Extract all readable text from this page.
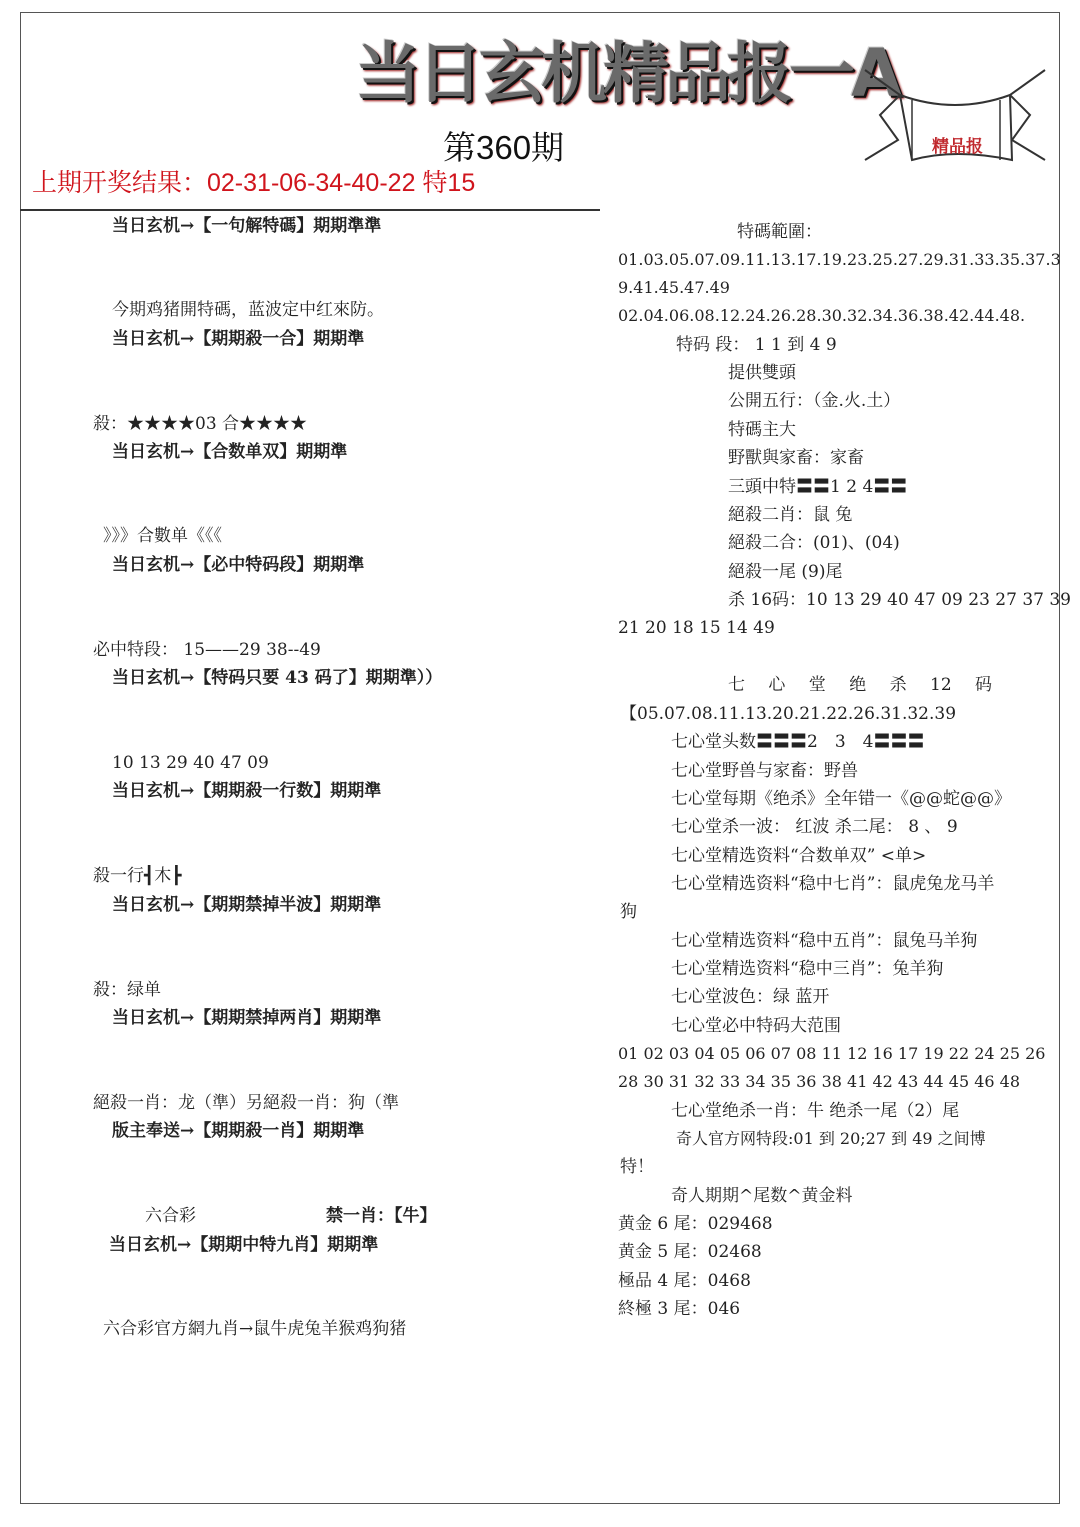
当日玄机精品报一A
精品报
第360期
上期开奖结果：02-31-06-34-40-22 特15
当日玄机→【一句解特碼】期期準準
今期鸡猪開特碼，蓝波定中红來防。
当日玄机→【期期殺一合】期期準
殺：★★★★03 合★★★★
当日玄机→【合数单双】期期準
》》》合數单《《《
当日玄机→【必中特码段】期期準
必中特段： 15——29 38--49
当日玄机→【特码只要 43 码了】期期準））
10 13 29 40 47 09
当日玄机→【期期殺一行数】期期準
殺一行┫木┣
当日玄机→【期期禁掉半波】期期準
殺：绿单
当日玄机→【期期禁掉两肖】期期準
絕殺一肖：龙（準）另絕殺一肖：狗（準
版主奉送→【期期殺一肖】期期準
六合彩	禁一肖：【牛】
当日玄机→【期期中特九肖】期期準
六合彩官方網九肖→鼠牛虎兔羊猴鸡狗猪
特碼範圍：
01.03.05.07.09.11.13.17.19.23.25.27.29.31.33.35.37.3
9.41.45.47.49
02.04.06.08.12.24.26.28.30.32.34.36.38.42.44.48.
特码 段： 1 1 到 4 9
提供雙頭
公開五行：（金.火.土）
特碼主大
野獸與家畜：家畜
三頭中特〓〓1 2 4〓〓
絕殺二肖：鼠 兔
絕殺二合：(01)、(04)
絕殺一尾 (9)尾
杀 16码：10 13 29 40 47 09 23 27 37 39
21 20 18 15 14 49
七 心 堂 绝 杀 12 码
【05.07.08.11.13.20.21.22.26.31.32.39
七心堂头数〓〓〓2　3　4〓〓〓
七心堂野兽与家畜：野兽
七心堂每期《绝杀》全年错一《@@蛇@@》
七心堂杀一波： 红波 杀二尾： 8 、 9
七心堂精选资料“合数单双” <单>
七心堂精选资料“稳中七肖”：鼠虎兔龙马羊
狗
七心堂精选资料“稳中五肖”：鼠兔马羊狗
七心堂精选资料“稳中三肖”：兔羊狗
七心堂波色：绿 蓝开
七心堂必中特码大范围
01 02 03 04 05 06 07 08 11 12 16 17 19 22 24 25 26
28 30 31 32 33 34 35 36 38 41 42 43 44 45 46 48
七心堂绝杀一肖：牛 绝杀一尾（2）尾
奇人官方网特段:01 到 20;27 到 49 之间博
特！
奇人期期^尾数^黄金料
黄金 6 尾：029468
黄金 5 尾：02468
極品 4 尾：0468
終極 3 尾：046
